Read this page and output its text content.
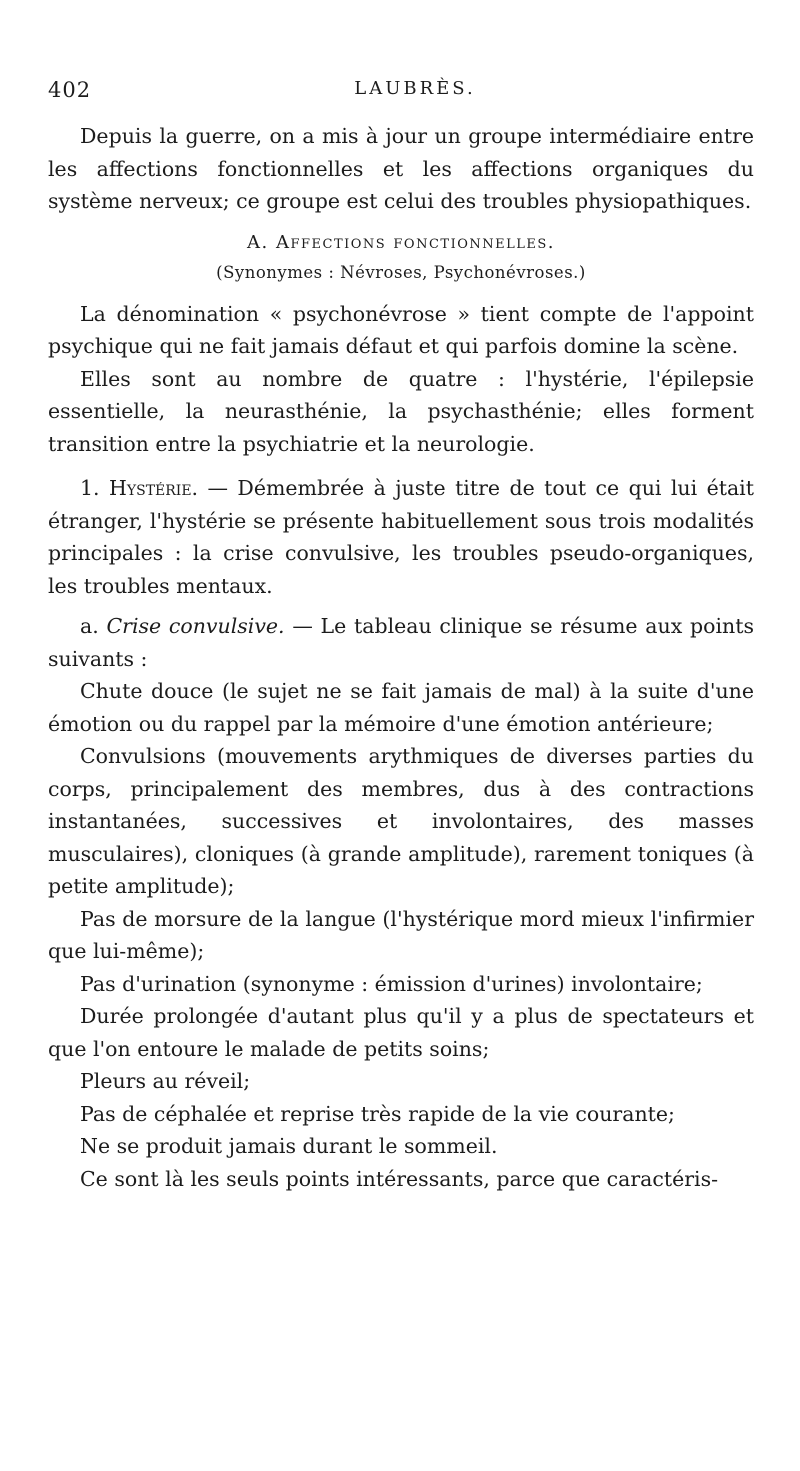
402	LAUBRÈS.

Depuis la guerre, on a mis à jour un groupe intermédiaire entre les affections fonctionnelles et les affections organiques du système nerveux; ce groupe est celui des troubles physiopathiques.

A. Affections fonctionnelles.
(Synonymes : Névroses, Psychonévroses.)

La dénomination « psychonévrose » tient compte de l'appoint psychique qui ne fait jamais défaut et qui parfois domine la scène.

Elles sont au nombre de quatre : l'hystérie, l'épilepsie essentielle, la neurasthénie, la psychasthénie; elles forment transition entre la psychiatrie et la neurologie.

1. Hystérie. — Démembrée à juste titre de tout ce qui lui était étranger, l'hystérie se présente habituellement sous trois modalités principales : la crise convulsive, les troubles pseudo-organiques, les troubles mentaux.

a. Crise convulsive. — Le tableau clinique se résume aux points suivants :

Chute douce (le sujet ne se fait jamais de mal) à la suite d'une émotion ou du rappel par la mémoire d'une émotion antérieure;

Convulsions (mouvements arythmiques de diverses parties du corps, principalement des membres, dus à des contractions instantanées, successives et involontaires, des masses musculaires), cloniques (à grande amplitude), rarement toniques (à petite amplitude);

Pas de morsure de la langue (l'hystérique mord mieux l'infirmier que lui-même);

Pas d'urination (synonyme : émission d'urines) involontaire;

Durée prolongée d'autant plus qu'il y a plus de spectateurs et que l'on entoure le malade de petits soins;

Pleurs au réveil;

Pas de céphalée et reprise très rapide de la vie courante;

Ne se produit jamais durant le sommeil.

Ce sont là les seuls points intéressants, parce que caractéris-
